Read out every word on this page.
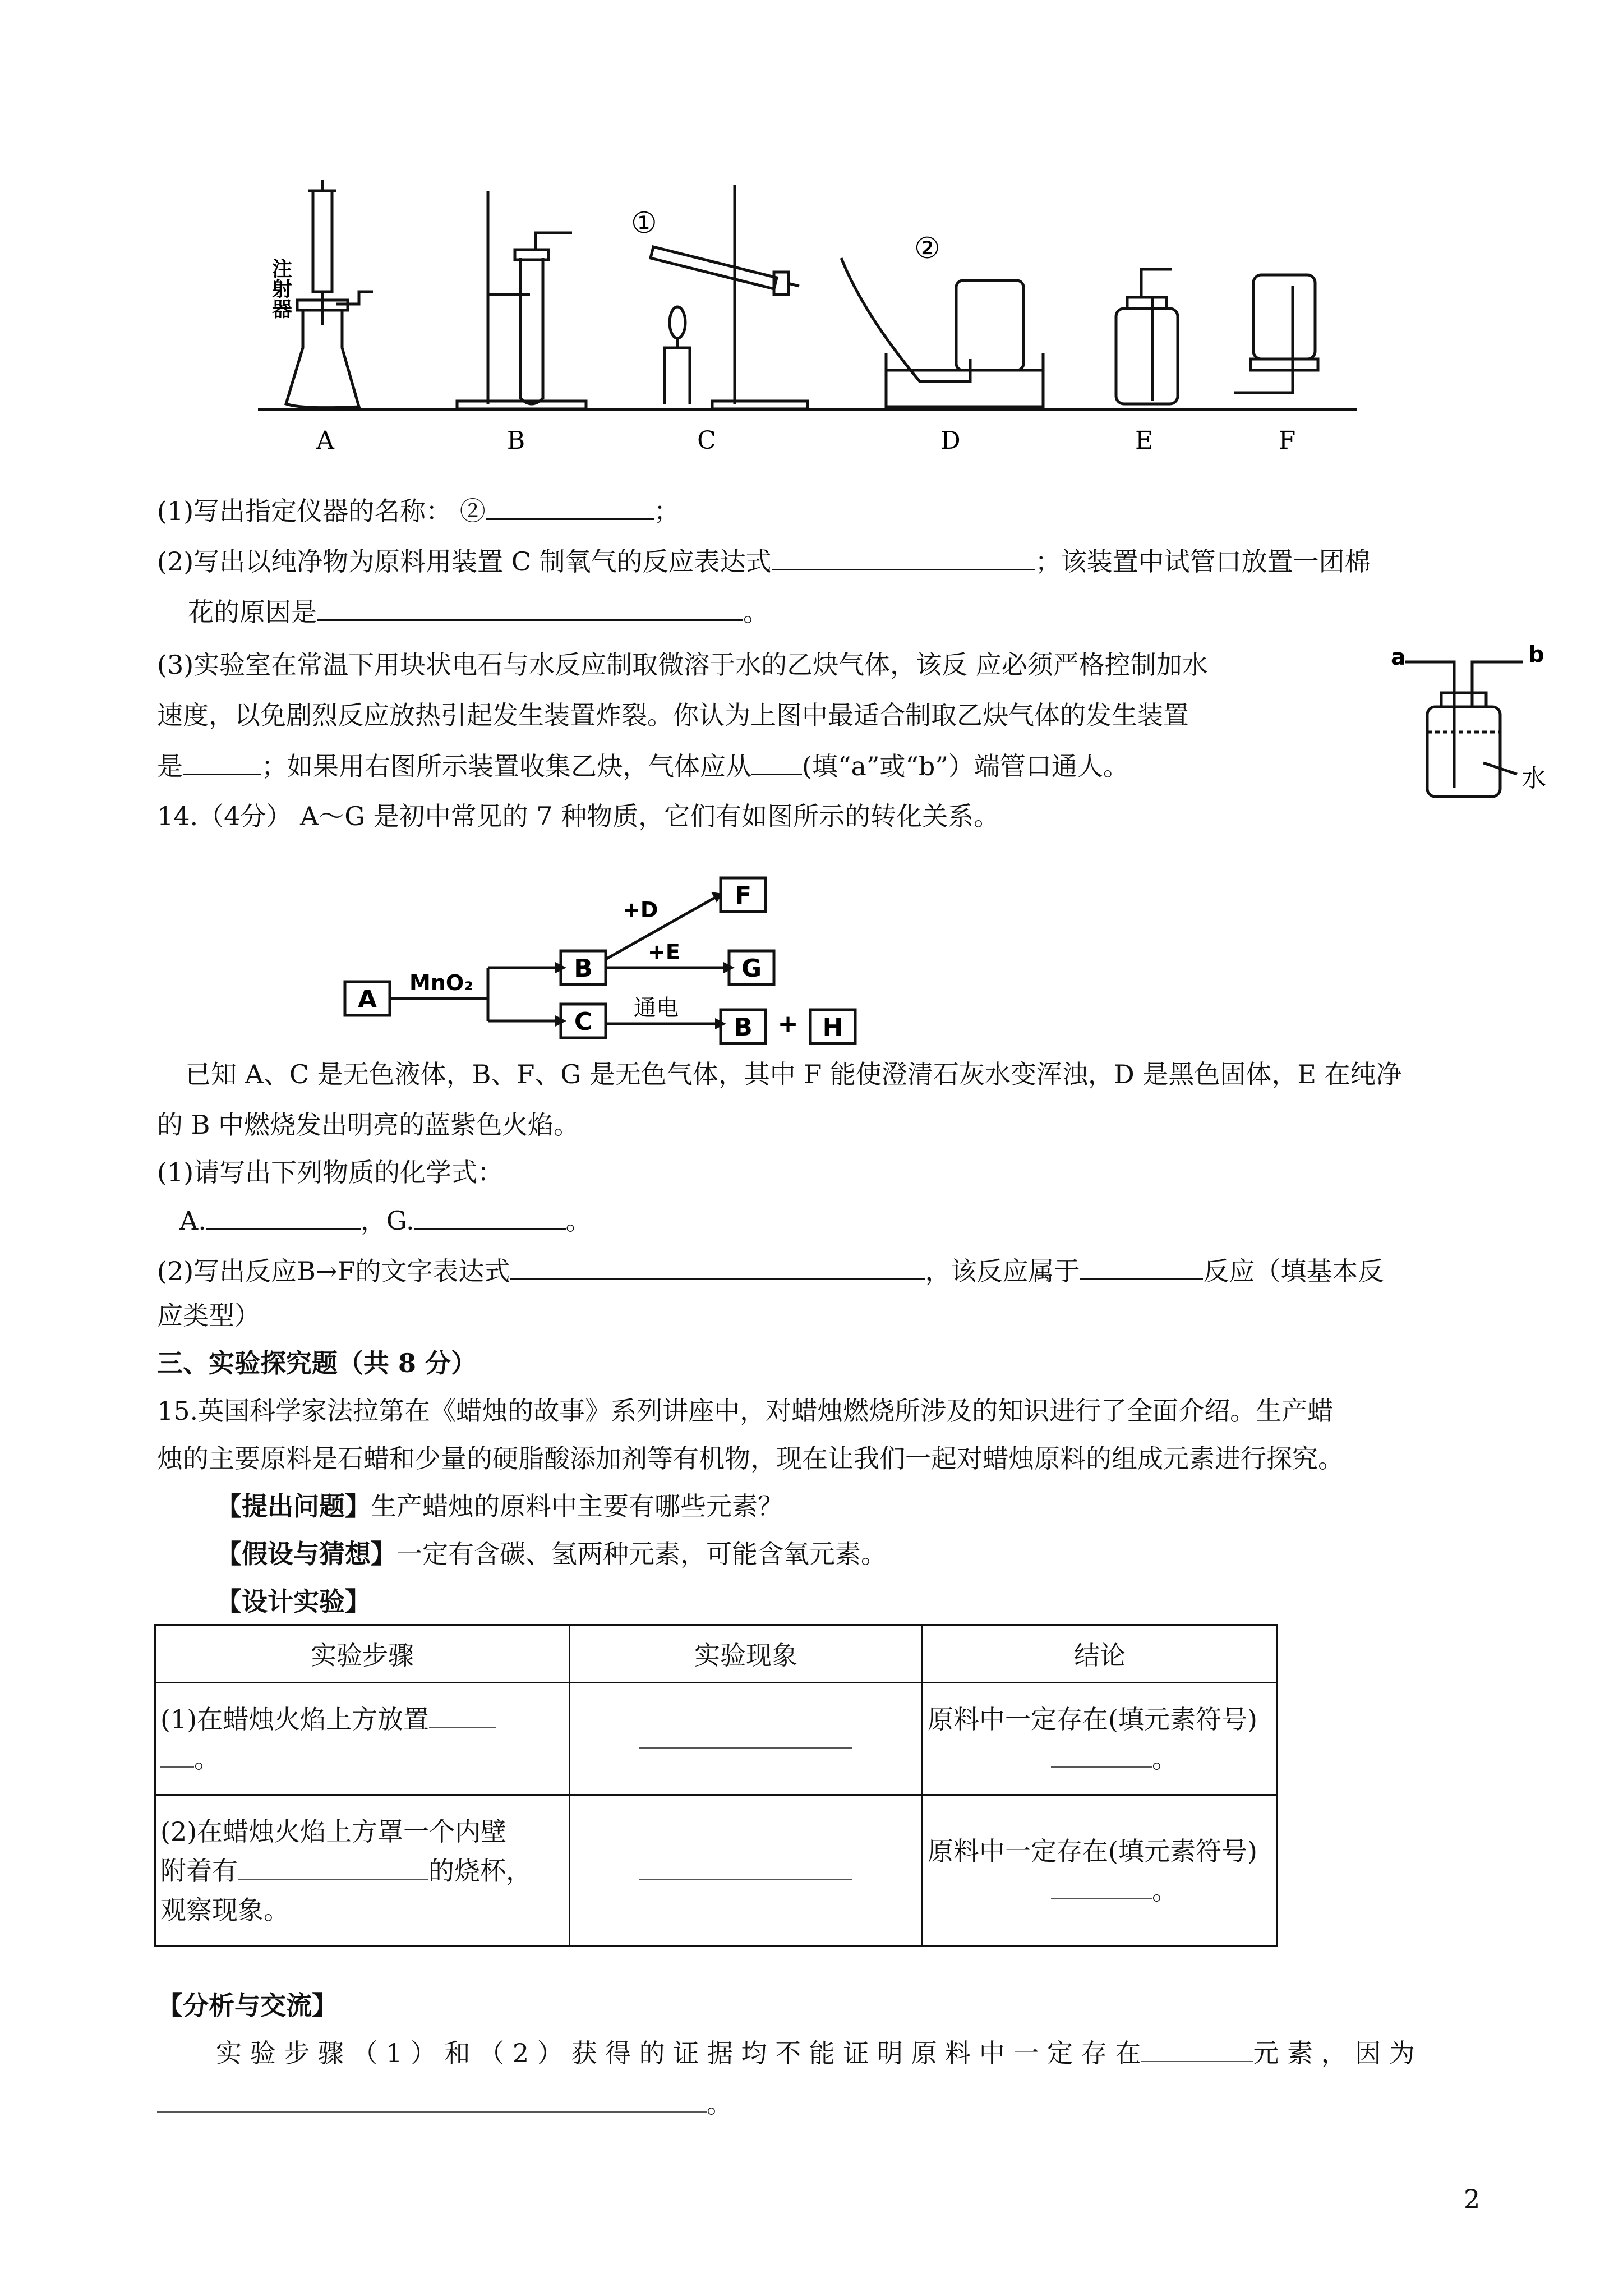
注射器
①
②
A	B	C	D	E	F
(1)写出指定仪器的名称： ②	；
(2)写出以纯净物为原料用装置 C 制氧气的反应表达式	；该装置中试管口放置一团棉
花的原因是	。
(3)实验室在常温下用块状电石与水反应制取微溶于水的乙炔气体，该反 应必须严格控制加水
速度，以免剧烈反应放热引起发生装置炸裂。你认为上图中最适合制取乙炔气体的发生装置
是	；如果用右图所示装置收集乙炔，气体应从 (填“a”或“b”）端管口通人。
a	b
水
14.（4分） A～G 是初中常见的 7 种物质，它们有如图所示的转化关系。
A
B
C
F
G
B	H
+
MnO₂
+D
+E
通电
已知 A、C 是无色液体，B、F、G 是无色气体，其中 F 能使澄清石灰水变浑浊，D 是黑色固体，E 在纯净
的 B 中燃烧发出明亮的蓝紫色火焰。
(1)请写出下列物质的化学式：
A.	，G.	。
(2)写出反应B→F的文字表达式	，该反应属于	反应（填基本反
应类型）
三、实验探究题（共 8 分）
15.英国科学家法拉第在《蜡烛的故事》系列讲座中，对蜡烛燃烧所涉及的知识进行了全面介绍。生产蜡
烛的主要原料是石蜡和少量的硬脂酸添加剂等有机物，现在让我们一起对蜡烛原料的组成元素进行探究。
【提出问题】生产蜡烛的原料中主要有哪些元素？
【假设与猜想】一定有含碳、氢两种元素，可能含氧元素。
【设计实验】
实验步骤	实验现象	结论
(1)在蜡烛火焰上方放置
。		原料中一定存在(填元素符号)
。
(2)在蜡烛火焰上方罩一个内壁
附着有 的烧杯，
观察现象。		原料中一定存在(填元素符号)
。
【分析与交流】
实 验 步 骤 （ 1 ） 和 （ 2 ） 获 得 的 证 据 均 不 能 证 明 原 料 中 一 定 存 在	元 素 ， 因 为
。
2
